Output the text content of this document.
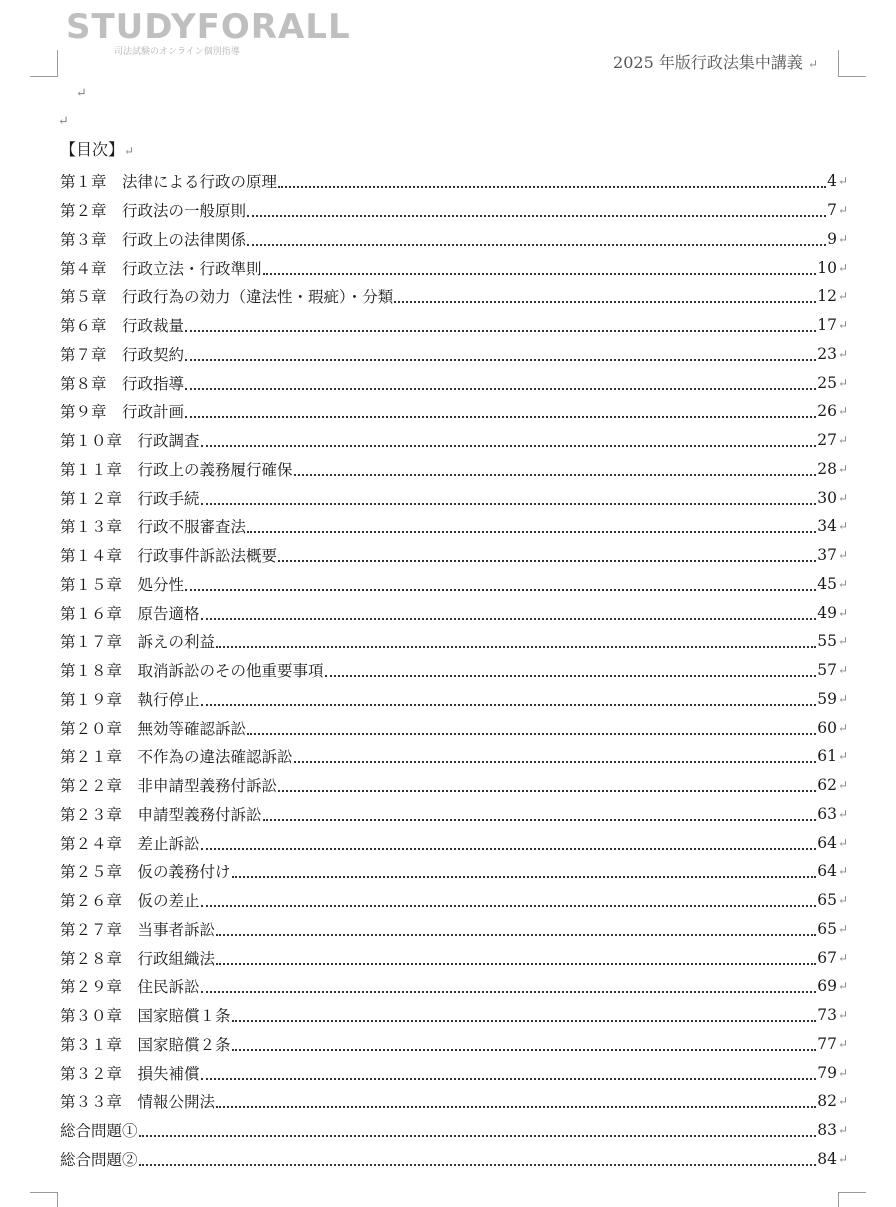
STUDYFORALL
司法試験のオンライン個別指導
2025 年版行政法集中講義 ↵
↵
↵
【目次】↵
第１章　法律による行政の原理	4 ↵
第２章　行政法の一般原則	7 ↵
第３章　行政上の法律関係	9 ↵
第４章　行政立法・行政準則	10 ↵
第５章　行政行為の効力（違法性・瑕疵）・分類	12 ↵
第６章　行政裁量	17 ↵
第７章　行政契約	23 ↵
第８章　行政指導	25 ↵
第９章　行政計画	26 ↵
第１０章　行政調査	27 ↵
第１１章　行政上の義務履行確保	28 ↵
第１２章　行政手続	30 ↵
第１３章　行政不服審査法	34 ↵
第１４章　行政事件訴訟法概要	37 ↵
第１５章　処分性	45 ↵
第１６章　原告適格	49 ↵
第１７章　訴えの利益	55 ↵
第１８章　取消訴訟のその他重要事項	57 ↵
第１９章　執行停止	59 ↵
第２０章　無効等確認訴訟	60 ↵
第２１章　不作為の違法確認訴訟	61 ↵
第２２章　非申請型義務付訴訟	62 ↵
第２３章　申請型義務付訴訟	63 ↵
第２４章　差止訴訟	64 ↵
第２５章　仮の義務付け	64 ↵
第２６章　仮の差止	65 ↵
第２７章　当事者訴訟	65 ↵
第２８章　行政組織法	67 ↵
第２９章　住民訴訟	69 ↵
第３０章　国家賠償１条	73 ↵
第３１章　国家賠償２条	77 ↵
第３２章　損失補償	79 ↵
第３３章　情報公開法	82 ↵
総合問題①	83 ↵
総合問題②	84 ↵
